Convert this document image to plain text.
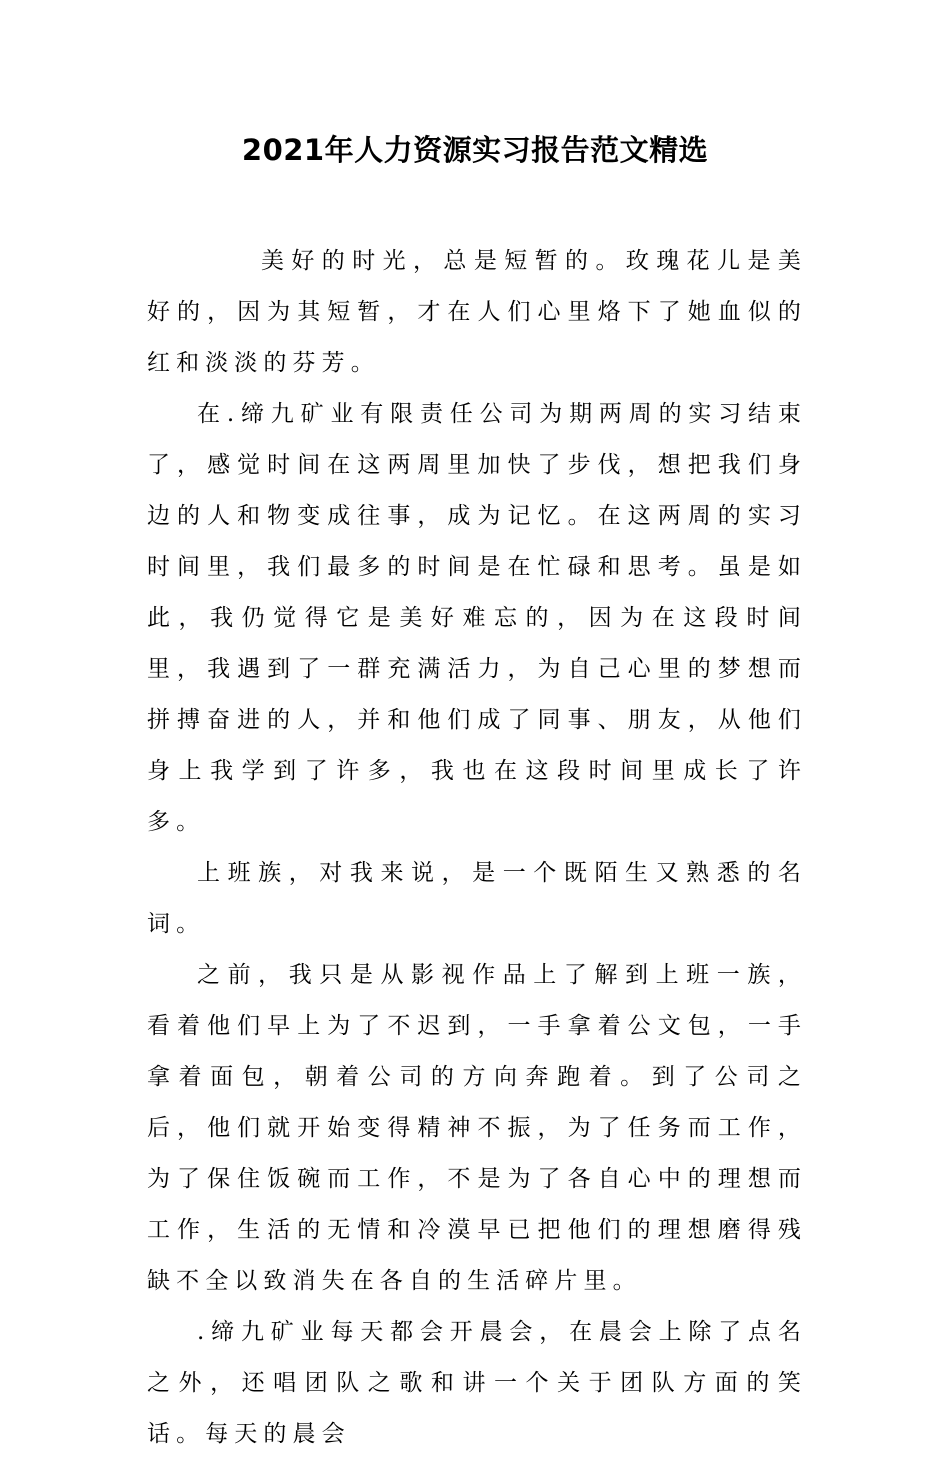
2021年人力资源实习报告范文精选

美好的时光，总是短暂的。玫瑰花儿是美好的，因为其短暂，才在人们心里烙下了她血似的红和淡淡的芬芳。

在.缔九矿业有限责任公司为期两周的实习结束了，感觉时间在这两周里加快了步伐，想把我们身边的人和物变成往事，成为记忆。在这两周的实习时间里，我们最多的时间是在忙碌和思考。虽是如此，我仍觉得它是美好难忘的，因为在这段时间里，我遇到了一群充满活力，为自己心里的梦想而拼搏奋进的人，并和他们成了同事、朋友，从他们身上我学到了许多，我也在这段时间里成长了许多。

上班族，对我来说，是一个既陌生又熟悉的名词。

之前，我只是从影视作品上了解到上班一族，看着他们早上为了不迟到，一手拿着公文包，一手拿着面包，朝着公司的方向奔跑着。到了公司之后，他们就开始变得精神不振，为了任务而工作，为了保住饭碗而工作，不是为了各自心中的理想而工作，生活的无情和冷漠早已把他们的理想磨得残缺不全以致消失在各自的生活碎片里。

.缔九矿业每天都会开晨会，在晨会上除了点名之外，还唱团队之歌和讲一个关于团队方面的笑话。每天的晨会
